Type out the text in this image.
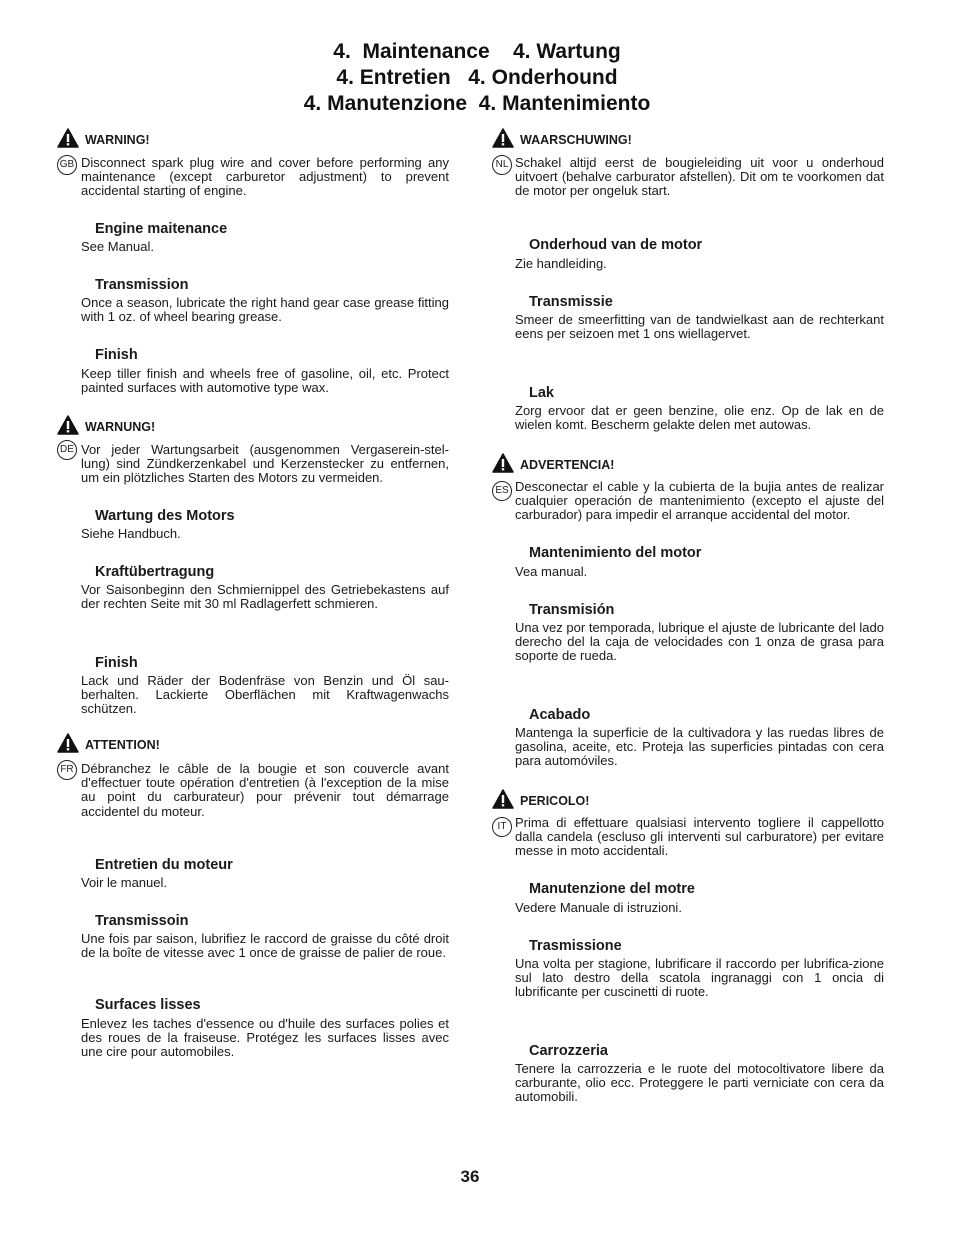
4.  Maintenance    4. Wartung
4. Entretien   4. Onderhound
4. Manutenzione  4. Mantenimiento
WARNING!
GB Disconnect spark plug wire and cover before performing any maintenance (except carburetor adjustment) to prevent accidental starting of engine.
Engine maitenance
See Manual.
Transmission
Once a season, lubricate the right hand gear case grease fitting with 1 oz. of wheel bearing grease.
Finish
Keep tiller finish and wheels free of gasoline, oil, etc. Protect painted surfaces with automotive type wax.
WARNUNG!
DE Vor jeder Wartungsarbeit (ausgenommen Vergaserein-stel-lung) sind Zündkerzenkabel und Kerzenstecker zu entfernen, um ein plötzliches Starten des Motors zu vermeiden.
Wartung des Motors
Siehe Handbuch.
Kraftübertragung
Vor Saisonbeginn den Schmiernippel des Getriebekastens auf der rechten Seite mit 30 ml Radlagerfett schmieren.
Finish
Lack und Räder der Bodenfräse von Benzin und Öl sau-berhalten. Lackierte Oberflächen mit Kraftwagenwachs schützen.
ATTENTION!
FR Débranchez le câble de la bougie et son couvercle avant d'effectuer toute opération d'entretien (à l'exception de la mise au point du carburateur) pour prévenir tout démarrage accidentel du moteur.
Entretien du moteur
Voir le manuel.
Transmissoin
Une fois par saison, lubrifiez le raccord de graisse du côté droit de la boîte de vitesse avec 1 once de graisse de palier de roue.
Surfaces lisses
Enlevez les taches d'essence ou d'huile des surfaces polies et des roues de la fraiseuse. Protégez les surfaces lisses avec une cire pour automobiles.
WAARSCHUWING!
NL Schakel altijd eerst de bougieleiding uit voor u onderhoud uitvoert (behalve carburator afstellen). Dit om te voorkomen dat de motor per ongeluk start.
Onderhoud van de motor
Zie handleiding.
Transmissie
Smeer de smeerfitting van de tandwielkast aan de rechterkant eens per seizoen met 1 ons wiellagervet.
Lak
Zorg ervoor dat er geen benzine, olie enz. Op de lak en de wielen komt. Bescherm gelakte delen met autowas.
ADVERTENCIA!
ES Desconectar el cable y la cubierta de la bujia antes de realizar cualquier operación de mantenimiento (excepto el ajuste del carburador) para impedir el arranque accidental del motor.
Mantenimiento del motor
Vea manual.
Transmisión
Una vez por temporada, lubrique el ajuste de lubricante del lado derecho del la caja de velocidades con 1 onza de grasa para soporte de rueda.
Acabado
Mantenga la superficie de la cultivadora y las ruedas libres de gasolina, aceite, etc. Proteja las superficies pintadas con cera para automóviles.
PERICOLO!
IT Prima di effettuare qualsiasi intervento togliere il cappellotto dalla candela (escluso gli interventi sul carburatore) per evitare messe in moto accidentali.
Manutenzione del motre
Vedere Manuale di istruzioni.
Trasmissione
Una volta per stagione, lubrificare il raccordo per lubrifica-zione sul lato destro della scatola ingranaggi con 1 oncia di lubrificante per cuscinetti di ruote.
Carrozzeria
Tenere la carrozzeria e le ruote del motocoltivatore libere da carburante, olio ecc. Proteggere le parti verniciate con cera da automobili.
36
